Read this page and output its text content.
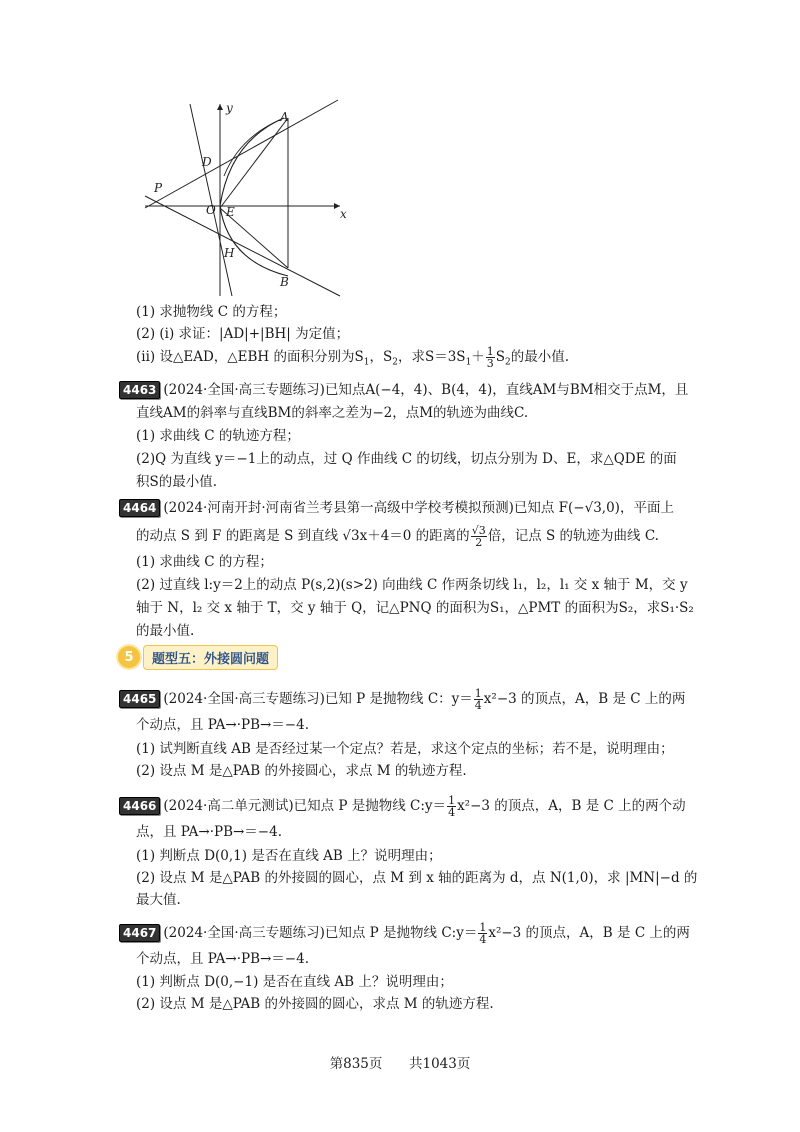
y
x
A
D
P
O E
H
B
(1) 求抛物线 C 的方程；
(2) (i) 求证：|AD|+|BH| 为定值；
(ii) 设△EAD，△EBH 的面积分别为$S_1$，$S_2$，求$S=3S_1+ \frac{1}{3} S_2$的最小值.
4463 (2024·全国·高三专题练习)已知点A(−4，4)、B(4，4)，直线AM与BM相交于点M，且
直线AM的斜率与直线BM的斜率之差为−2，点M的轨迹为曲线C.
(1) 求曲线 C 的轨迹方程；
(2)Q 为直线 y＝−1上的动点，过 Q 作曲线 C 的切线，切点分别为 D、E，求△QDE 的面
积S的最小值.
4464 (2024·河南开封·河南省兰考县第一高级中学校考模拟预测)已知点 F(−√3,0)，平面上
的动点 S 到 F 的距离是 S 到直线 √3x＋4＝0 的距离的 $\frac{√3}{2}$ 倍，记点 S 的轨迹为曲线 C.
(1) 求曲线 C 的方程；
(2) 过直线 l:y＝2上的动点 P(s,2)(s>2) 向曲线 C 作两条切线 l₁，l₂，l₁ 交 x 轴于 M，交 y
轴于 N，l₂ 交 x 轴于 T，交 y 轴于 Q，记△PNQ 的面积为S₁，△PMT 的面积为S₂，求S₁·S₂
的最小值.
5	题型五：外接圆问题
4465 (2024·全国·高三专题练习)已知 P 是抛物线 C：$y= \frac{1}{4} x^2-3$ 的顶点，A，B 是 C 上的两
个动点，且 PA→·PB→＝−4.
(1) 试判断直线 AB 是否经过某一个定点？若是，求这个定点的坐标；若不是，说明理由；
(2) 设点 M 是△PAB 的外接圆心，求点 M 的轨迹方程.
4466 (2024·高二单元测试)已知点 P 是抛物线 C:y＝ $\frac{1}{4} x^2-3$ 的顶点，A，B 是 C 上的两个动
点，且 PA→·PB→＝−4.
(1) 判断点 D(0,1) 是否在直线 AB 上？说明理由；
(2) 设点 M 是△PAB 的外接圆的圆心，点 M 到 x 轴的距离为 d，点 N(1,0)，求 |MN|−d 的
最大值.
4467 (2024·全国·高三专题练习)已知点 P 是抛物线 C:y＝ $\frac{1}{4} x^2-3$ 的顶点，A，B 是 C 上的两
个动点，且 PA→·PB→＝−4.
(1) 判断点 D(0,−1) 是否在直线 AB 上？说明理由；
(2) 设点 M 是△PAB 的外接圆的圆心，求点 M 的轨迹方程.
第835页 共1043页
